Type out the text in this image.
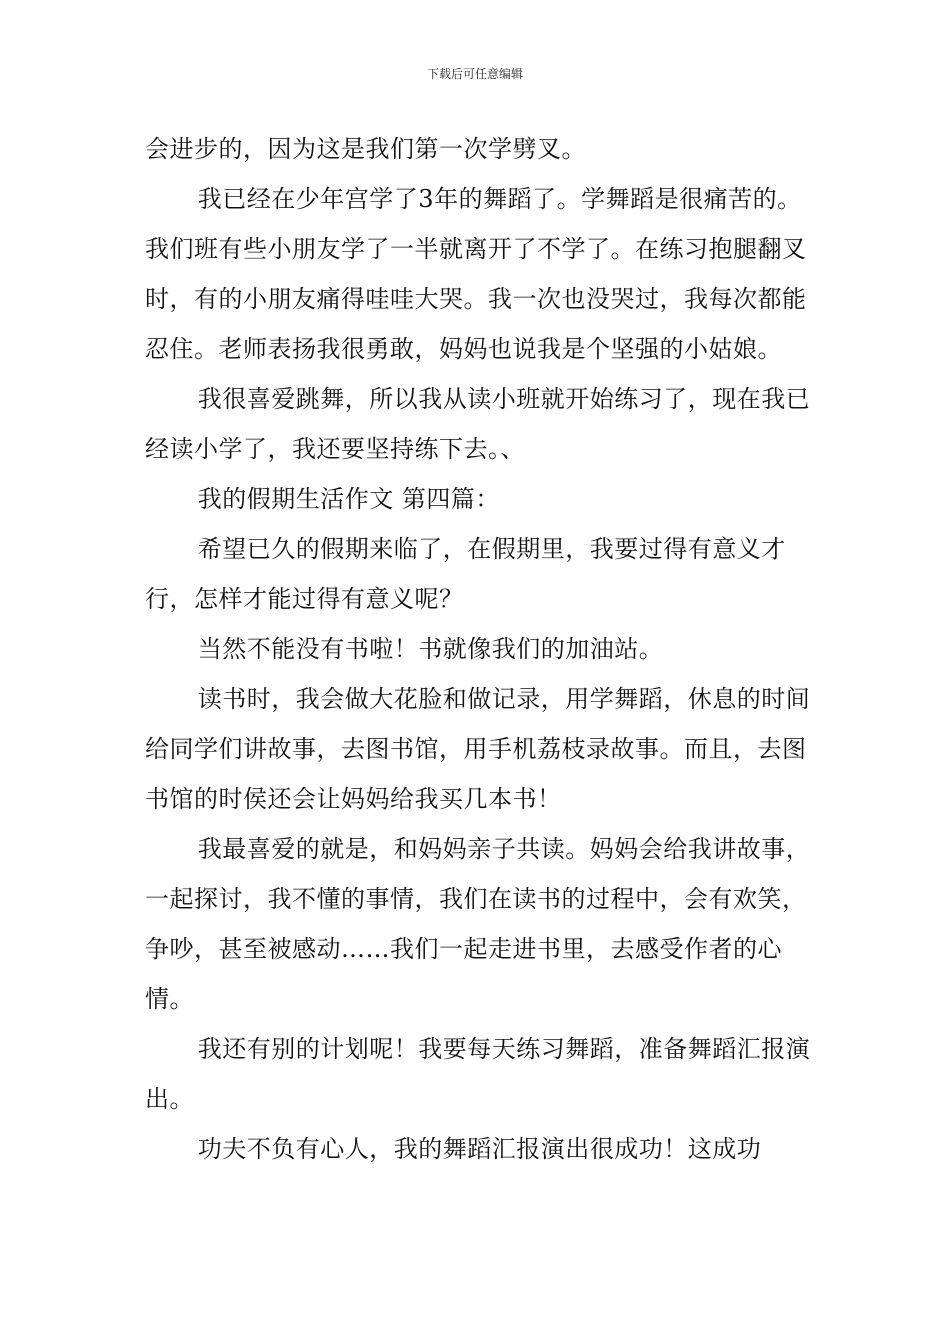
下载后可任意编辑

会进步的，因为这是我们第一次学劈叉。

我已经在少年宫学了3年的舞蹈了。学舞蹈是很痛苦的。我们班有些小朋友学了一半就离开了不学了。在练习抱腿翻叉时，有的小朋友痛得哇哇大哭。我一次也没哭过，我每次都能忍住。老师表扬我很勇敢，妈妈也说我是个坚强的小姑娘。

我很喜爱跳舞，所以我从读小班就开始练习了，现在我已经读小学了，我还要坚持练下去。、

我的假期生活作文 第四篇：

希望已久的假期来临了，在假期里，我要过得有意义才行，怎样才能过得有意义呢？

当然不能没有书啦！书就像我们的加油站。

读书时，我会做大花脸和做记录，用学舞蹈，休息的时间给同学们讲故事，去图书馆，用手机荔枝录故事。而且，去图书馆的时侯还会让妈妈给我买几本书！

我最喜爱的就是，和妈妈亲子共读。妈妈会给我讲故事，一起探讨，我不懂的事情，我们在读书的过程中，会有欢笑，争吵，甚至被感动……我们一起走进书里，去感受作者的心情。

我还有别的计划呢！我要每天练习舞蹈，准备舞蹈汇报演出。

功夫不负有心人，我的舞蹈汇报演出很成功！这成功
